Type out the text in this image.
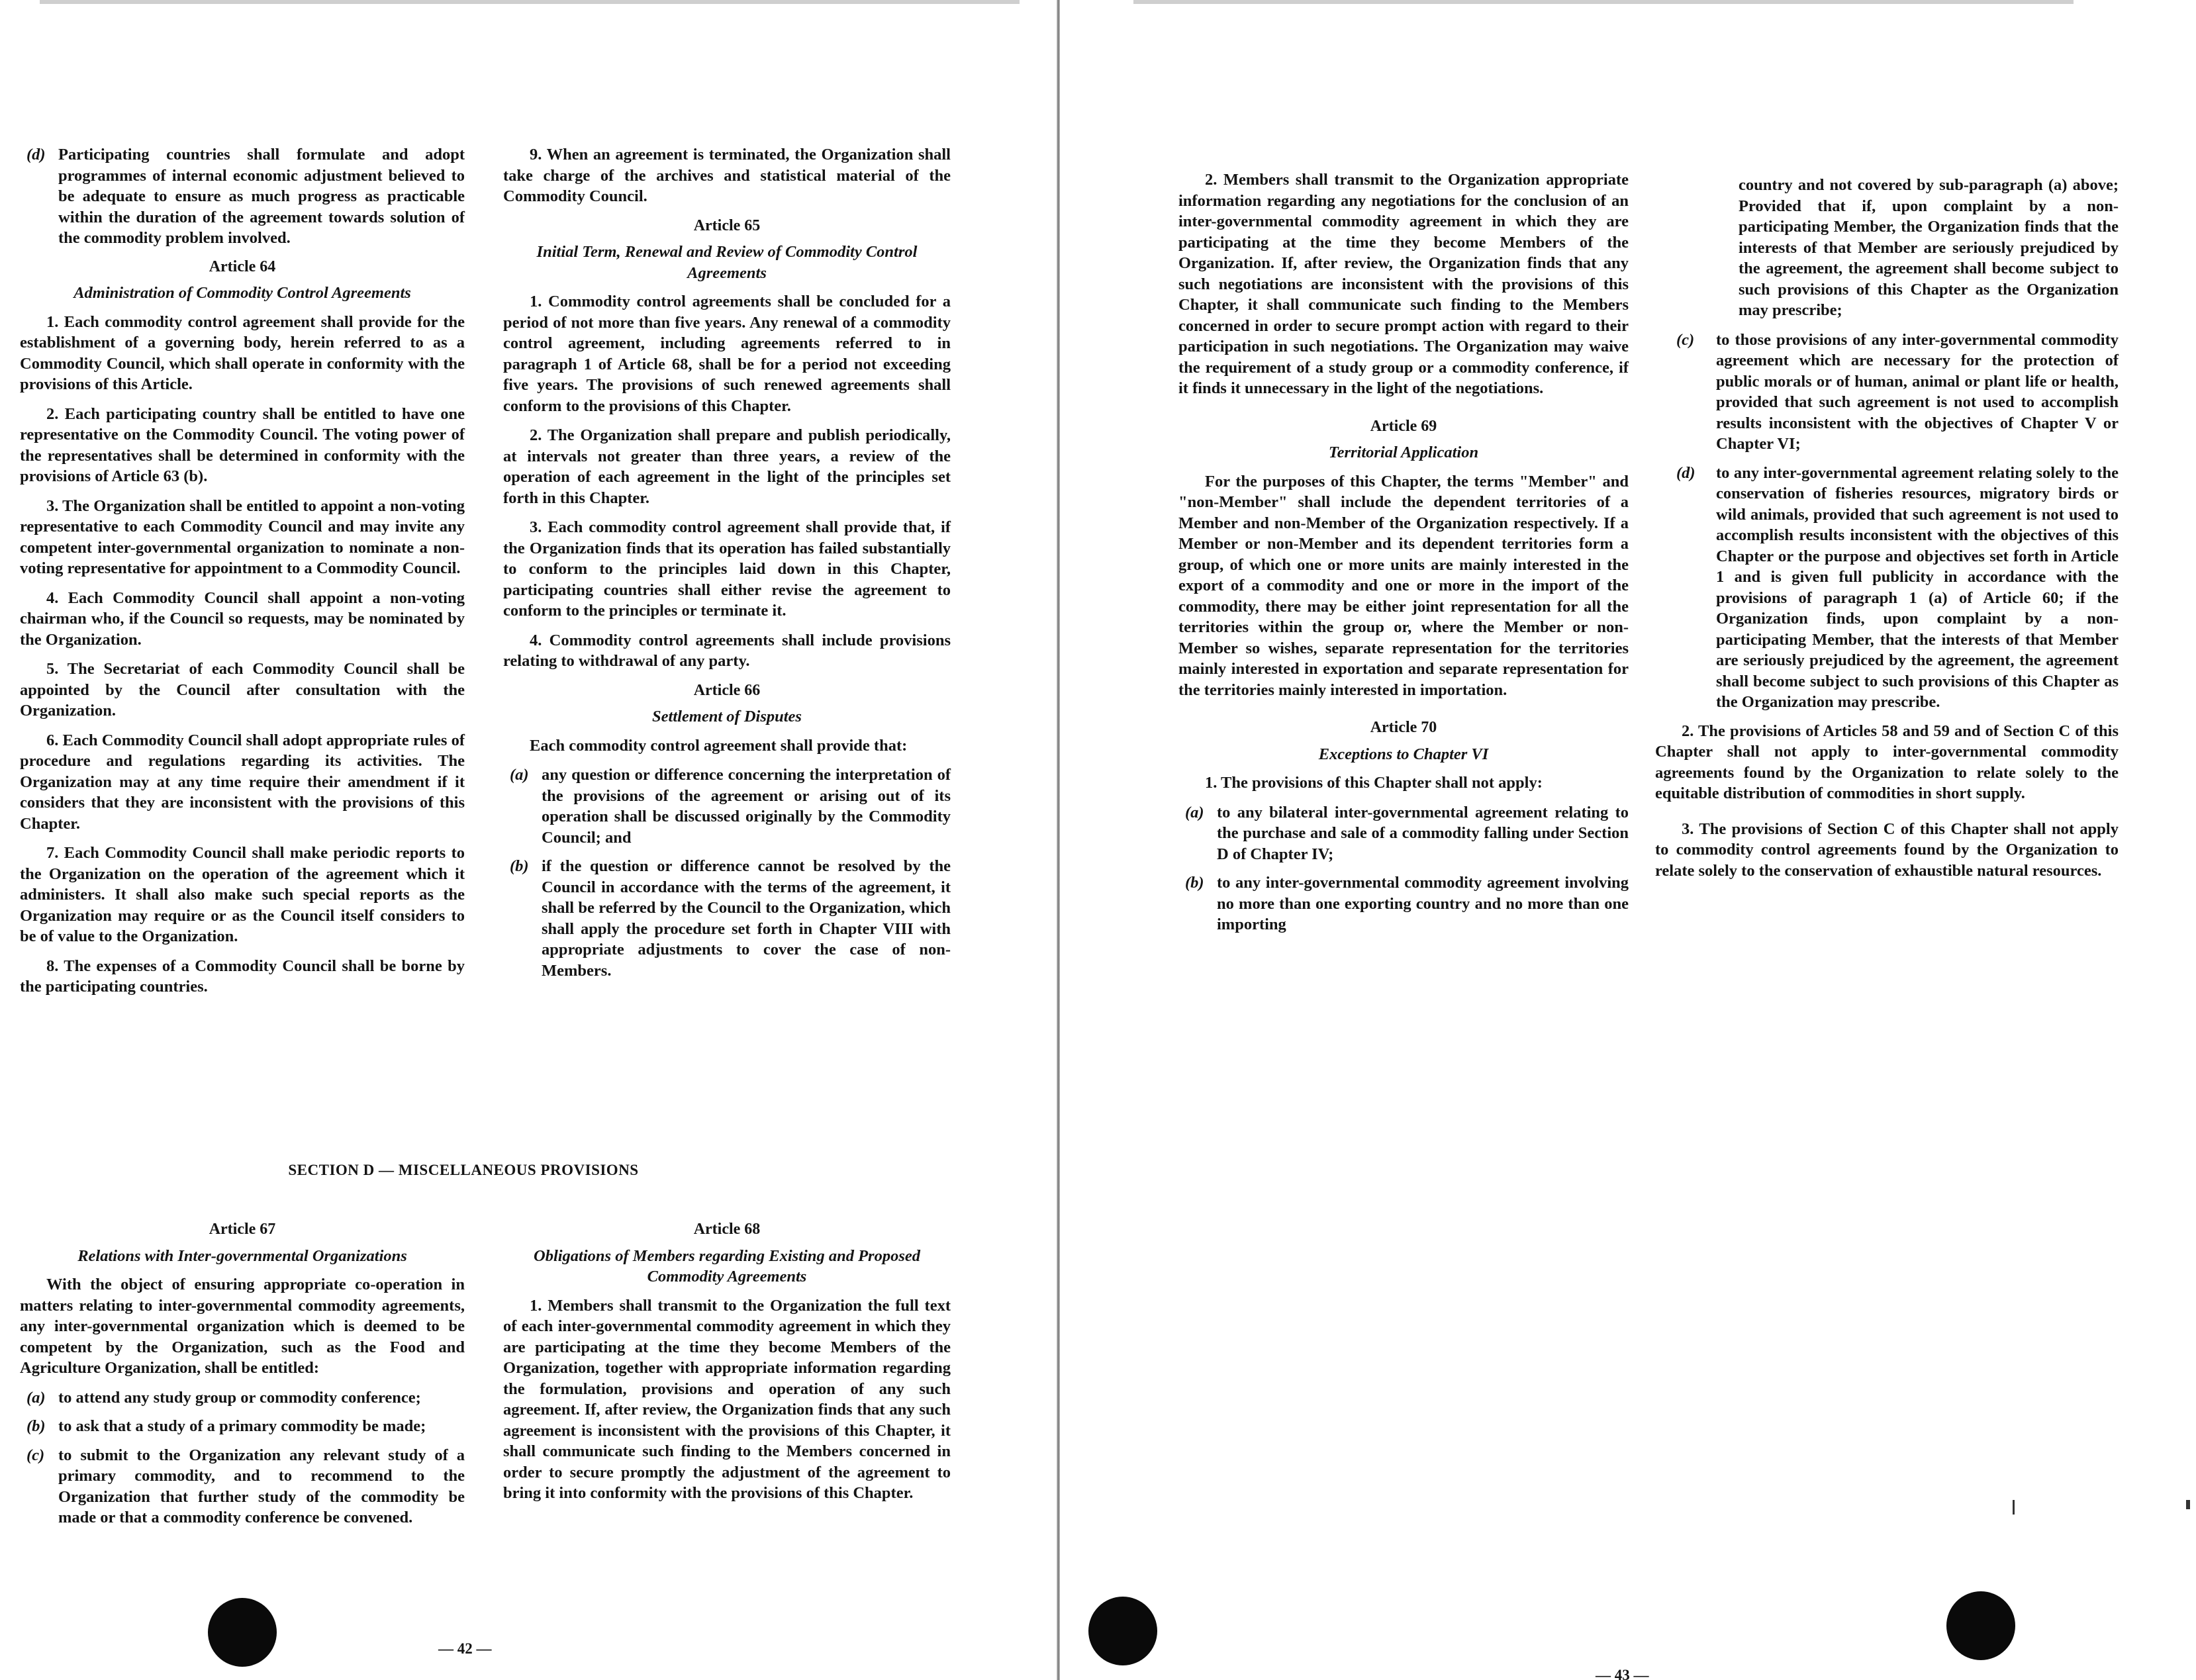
(d) Participating countries shall formulate and adopt programmes of internal economic adjustment believed to be adequate to ensure as much progress as practicable within the duration of the agreement towards solution of the commodity problem involved.
Article 64
Administration of Commodity Control Agreements

1. Each commodity control agreement shall provide for the establishment of a governing body, herein referred to as a Commodity Council, which shall operate in conformity with the provisions of this Article.

2. Each participating country shall be entitled to have one representative on the Commodity Council. The voting power of the representatives shall be determined in conformity with the provisions of Article 63 (b).

3. The Organization shall be entitled to appoint a non-voting representative to each Commodity Council and may invite any competent inter-governmental organization to nominate a non-voting representative for appointment to a Commodity Council.

4. Each Commodity Council shall appoint a non-voting chairman who, if the Council so requests, may be nominated by the Organization.

5. The Secretariat of each Commodity Council shall be appointed by the Council after consultation with the Organization.

6. Each Commodity Council shall adopt appropriate rules of procedure and regulations regarding its activities. The Organization may at any time require their amendment if it considers that they are inconsistent with the provisions of this Chapter.

7. Each Commodity Council shall make periodic reports to the Organization on the operation of the agreement which it administers. It shall also make such special reports as the Organization may require or as the Council itself considers to be of value to the Organization.

8. The expenses of a Commodity Council shall be borne by the participating countries.

9. When an agreement is terminated, the Organization shall take charge of the archives and statistical material of the Commodity Council.

Article 65
Initial Term, Renewal and Review of Commodity Control Agreements

1. Commodity control agreements shall be concluded for a period of not more than five years. Any renewal of a commodity control agreement, including agreements referred to in paragraph 1 of Article 68, shall be for a period not exceeding five years. The provisions of such renewed agreements shall conform to the provisions of this Chapter.

2. The Organization shall prepare and publish periodically, at intervals not greater than three years, a review of the operation of each agreement in the light of the principles set forth in this Chapter.

3. Each commodity control agreement shall provide that, if the Organization finds that its operation has failed substantially to conform to the principles laid down in this Chapter, participating countries shall either revise the agreement to conform to the principles or terminate it.

4. Commodity control agreements shall include provisions relating to withdrawal of any party.

Article 66
Settlement of Disputes

Each commodity control agreement shall provide that:

(a) any question or difference concerning the interpretation of the provisions of the agreement or arising out of its operation shall be discussed originally by the Commodity Council; and
(b) if the question or difference cannot be resolved by the Council in accordance with the terms of the agreement, it shall be referred by the Council to the Organization, which shall apply the procedure set forth in Chapter VIII with appropriate adjustments to cover the case of non-Members.
SECTION D — MISCELLANEOUS PROVISIONS
Article 67
Relations with Inter-governmental Organizations

With the object of ensuring appropriate co-operation in matters relating to inter-governmental commodity agreements, any inter-governmental organization which is deemed to be competent by the Organization, such as the Food and Agriculture Organization, shall be entitled:

(a) to attend any study group or commodity conference;
(b) to ask that a study of a primary commodity be made;
(c) to submit to the Organization any relevant study of a primary commodity, and to recommend to the Organization that further study of the commodity be made or that a commodity conference be convened.
Article 68
Obligations of Members regarding Existing and Proposed Commodity Agreements

1. Members shall transmit to the Organization the full text of each inter-governmental commodity agreement in which they are participating at the time they become Members of the Organization, together with appropriate information regarding the formulation, provisions and operation of any such agreement. If, after review, the Organization finds that any such agreement is inconsistent with the provisions of this Chapter, it shall communicate such finding to the Members concerned in order to secure promptly the adjustment of the agreement to bring it into conformity with the provisions of this Chapter.

— 42 —

2. Members shall transmit to the Organization appropriate information regarding any negotiations for the conclusion of an inter-governmental commodity agreement in which they are participating at the time they become Members of the Organization. If, after review, the Organization finds that any such negotiations are inconsistent with the provisions of this Chapter, it shall communicate such finding to the Members concerned in order to secure prompt action with regard to their participation in such negotiations. The Organization may waive the requirement of a study group or a commodity conference, if it finds it unnecessary in the light of the negotiations.

Article 69
Territorial Application

For the purposes of this Chapter, the terms "Member" and "non-Member" shall include the dependent territories of a Member and non-Member of the Organization respectively. If a Member or non-Member and its dependent territories form a group, of which one or more units are mainly interested in the export of a commodity and one or more in the import of the commodity, there may be either joint representation for all the territories within the group or, where the Member or non-Member so wishes, separate representation for the territories mainly interested in exportation and separate representation for the territories mainly interested in importation.

Article 70
Exceptions to Chapter VI

1. The provisions of this Chapter shall not apply:

(a) to any bilateral inter-governmental agreement relating to the purchase and sale of a commodity falling under Section D of Chapter IV;
(b) to any inter-governmental commodity agreement involving no more than one exporting country and no more than one importing

country and not covered by sub-paragraph (a) above; Provided that if, upon complaint by a non-participating Member, the Organization finds that the interests of that Member are seriously prejudiced by the agreement, the agreement shall become subject to such provisions of this Chapter as the Organization may prescribe;

(c)	to those provisions of any inter-governmental commodity agreement which are necessary for the protection of public morals or of human, animal or plant life or health, provided that such agreement is not used to accomplish results inconsistent with the objectives of Chapter V or Chapter VI;
(d)	to any inter-governmental agreement relating solely to the conservation of fisheries resources, migratory birds or wild animals, provided that such agreement is not used to accomplish results inconsistent with the objectives of this Chapter or the purpose and objectives set forth in Article 1 and is given full publicity in accordance with the provisions of paragraph 1 (a) of Article 60; if the Organization finds, upon complaint by a non-participating Member, that the interests of that Member are seriously prejudiced by the agreement, the agreement shall become subject to such provisions of this Chapter as the Organization may prescribe.

2. The provisions of Articles 58 and 59 and of Section C of this Chapter shall not apply to inter-governmental commodity agreements found by the Organization to relate solely to the equitable distribution of commodities in short supply.

3. The provisions of Section C of this Chapter shall not apply to commodity control agreements found by the Organization to relate solely to the conservation of exhaustible natural resources.

— 43 —
